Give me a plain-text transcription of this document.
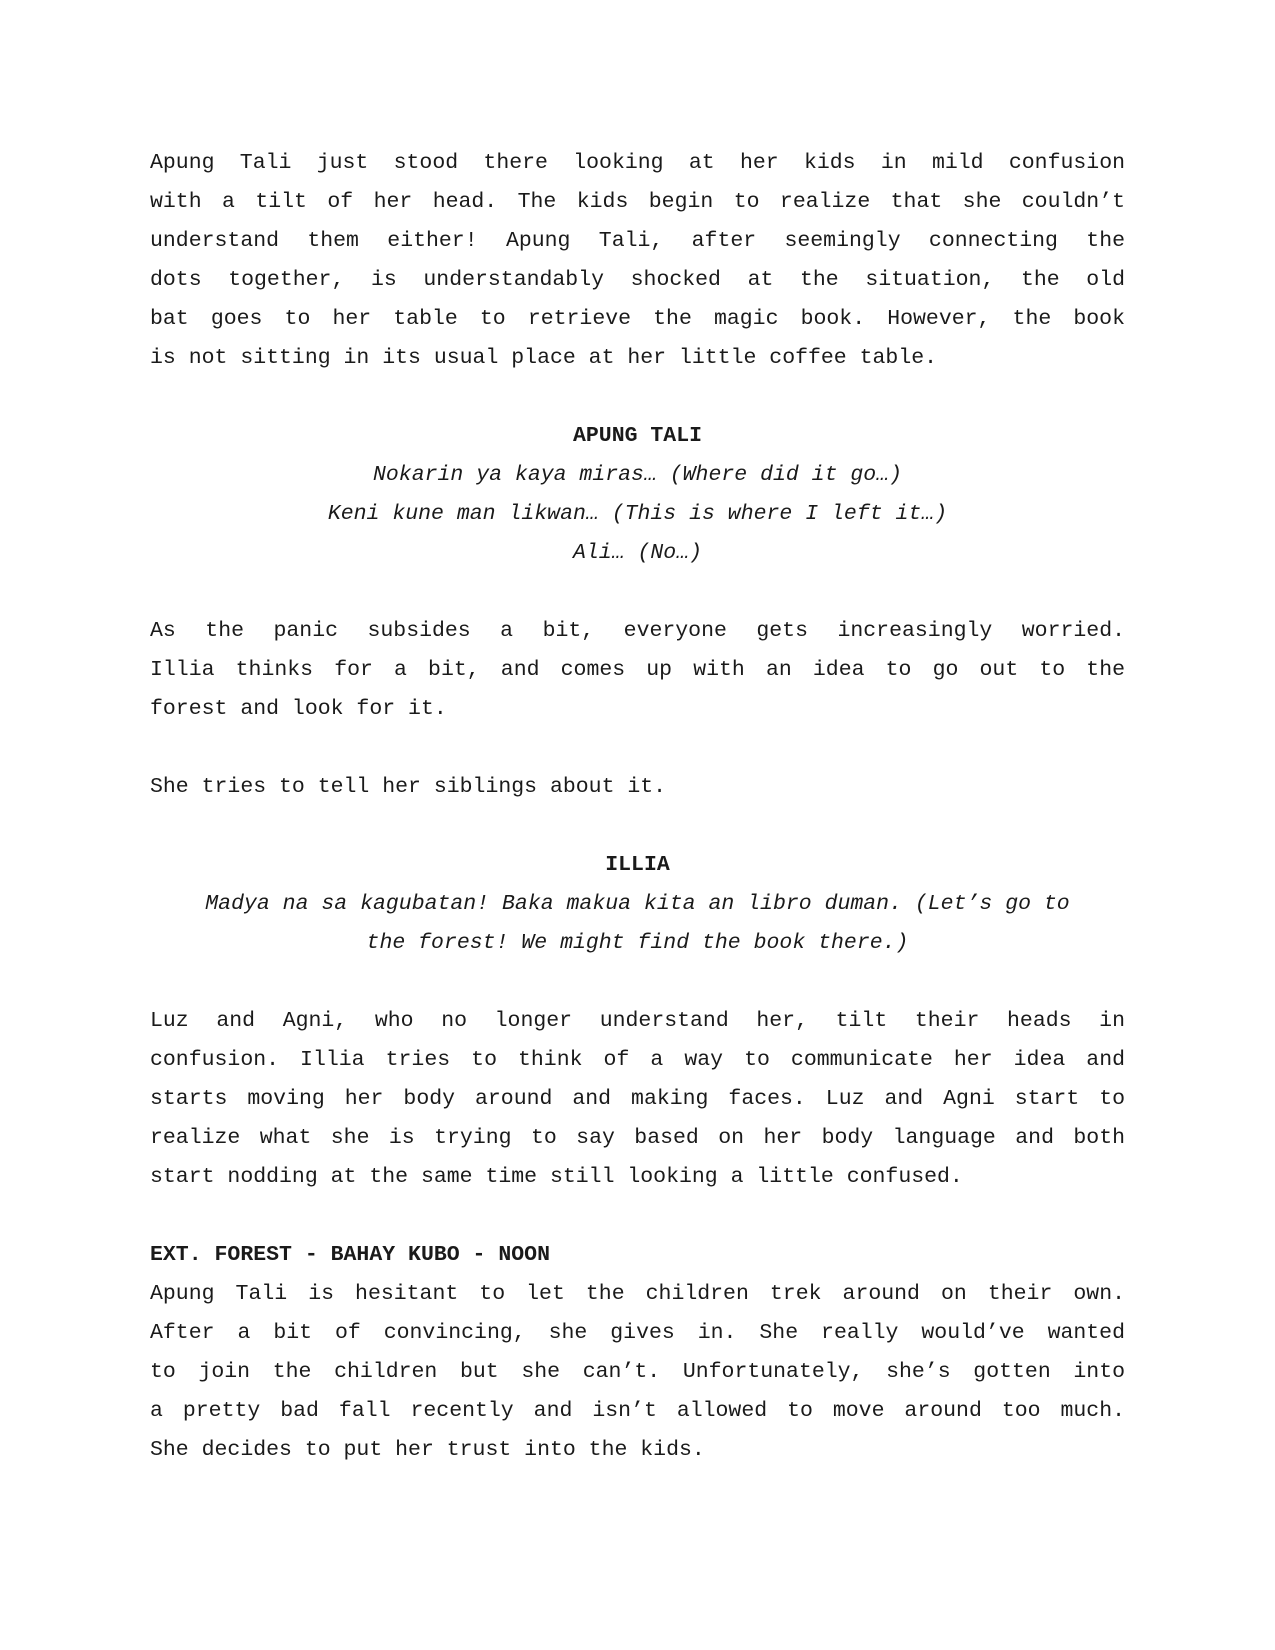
Apung Tali just stood there looking at her kids in mild confusion
with a tilt of her head. The kids begin to realize that she couldn’t
understand them either! Apung Tali, after seemingly connecting the
dots together, is understandably shocked at the situation, the old
bat goes to her table to retrieve the magic book. However, the book
is not sitting in its usual place at her little coffee table.

APUNG TALI

Nokarin ya kaya miras… (Where did it go…)
Keni kune man likwan… (This is where I left it…)
Ali… (No…)
As the panic subsides a bit, everyone gets increasingly worried.
Illia thinks for a bit, and comes up with an idea to go out to the
forest and look for it.
She tries to tell her siblings about it.

ILLIA

Madya na sa kagubatan! Baka makua kita an libro duman. (Let’s go to
the forest! We might find the book there.)
Luz and Agni, who no longer understand her, tilt their heads in
confusion. Illia tries to think of a way to communicate her idea and
starts moving her body around and making faces. Luz and Agni start to
realize what she is trying to say based on her body language and both
start nodding at the same time still looking a little confused.

EXT. FOREST - BAHAY KUBO - NOON

Apung Tali is hesitant to let the children trek around on their own.
After a bit of convincing, she gives in. She really would’ve wanted
to join the children but she can’t. Unfortunately, she’s gotten into
a pretty bad fall recently and isn’t allowed to move around too much.
She decides to put her trust into the kids.
